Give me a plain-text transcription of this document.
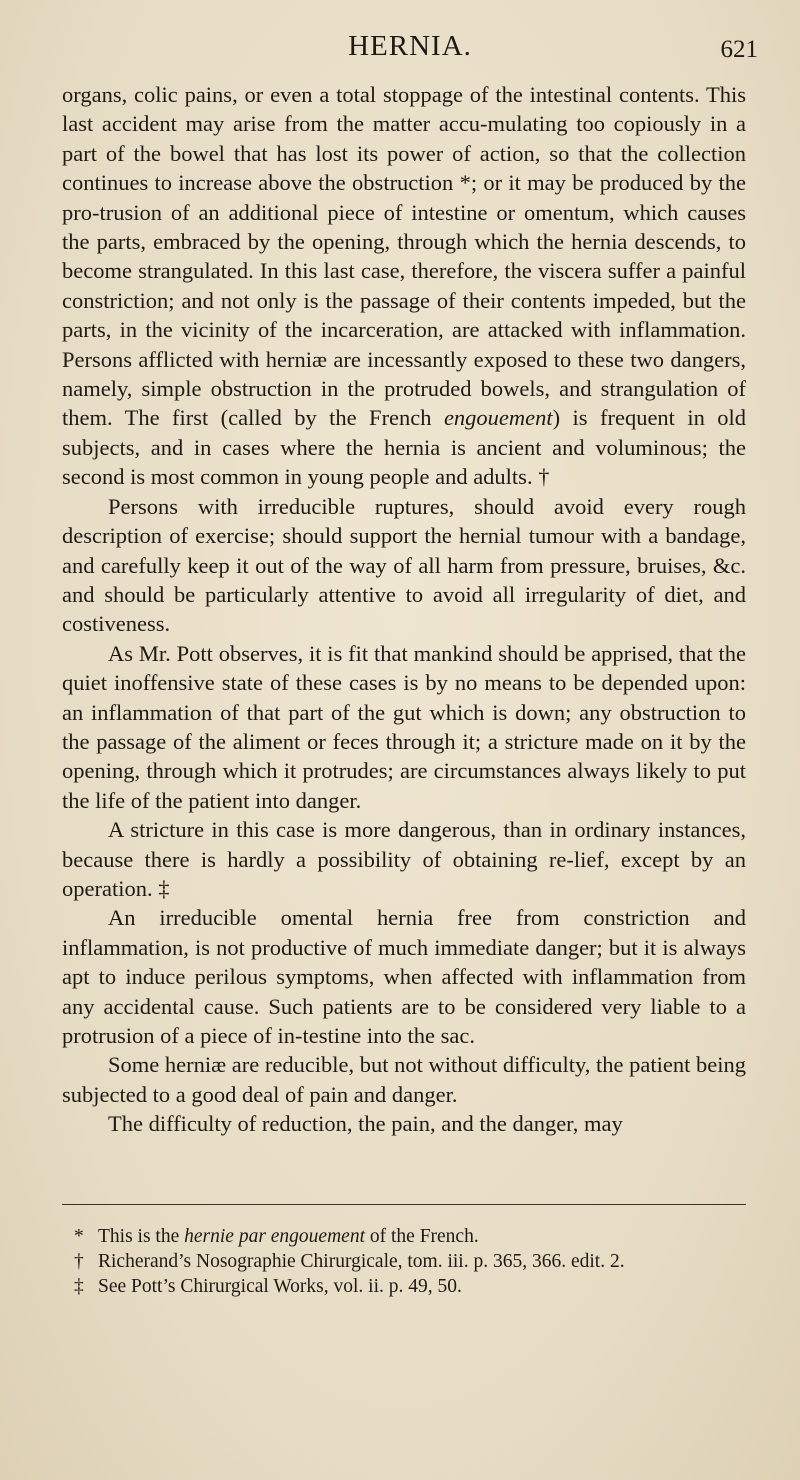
HERNIA.	621

organs, colic pains, or even a total stoppage of the intestinal contents. This last accident may arise from the matter accu-mulating too copiously in a part of the bowel that has lost its power of action, so that the collection continues to increase above the obstruction *; or it may be produced by the pro-trusion of an additional piece of intestine or omentum, which causes the parts, embraced by the opening, through which the hernia descends, to become strangulated. In this last case, therefore, the viscera suffer a painful constriction; and not only is the passage of their contents impeded, but the parts, in the vicinity of the incarceration, are attacked with inflammation. Persons afflicted with herniæ are incessantly exposed to these two dangers, namely, simple obstruction in the protruded bowels, and strangulation of them. The first (called by the French engouement) is frequent in old subjects, and in cases where the hernia is ancient and voluminous; the second is most common in young people and adults. †

Persons with irreducible ruptures, should avoid every rough description of exercise; should support the hernial tumour with a bandage, and carefully keep it out of the way of all harm from pressure, bruises, &c. and should be particularly attentive to avoid all irregularity of diet, and costiveness.

As Mr. Pott observes, it is fit that mankind should be apprised, that the quiet inoffensive state of these cases is by no means to be depended upon: an inflammation of that part of the gut which is down; any obstruction to the passage of the aliment or feces through it; a stricture made on it by the opening, through which it protrudes; are circumstances always likely to put the life of the patient into danger.

A stricture in this case is more dangerous, than in ordinary instances, because there is hardly a possibility of obtaining re-lief, except by an operation. ‡

An irreducible omental hernia free from constriction and inflammation, is not productive of much immediate danger; but it is always apt to induce perilous symptoms, when affected with inflammation from any accidental cause. Such patients are to be considered very liable to a protrusion of a piece of in-testine into the sac.

Some herniæ are reducible, but not without difficulty, the patient being subjected to a good deal of pain and danger.

The difficulty of reduction, the pain, and the danger, may

* This is the hernie par engouement of the French.

† Richerand’s Nosographie Chirurgicale, tom. iii. p. 365, 366. edit. 2.

‡ See Pott’s Chirurgical Works, vol. ii. p. 49, 50.
